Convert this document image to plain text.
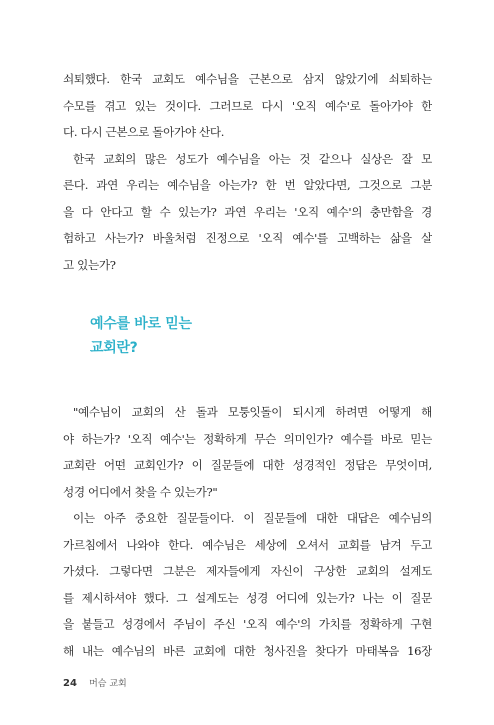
쇠퇴했다. 한국 교회도 예수님을 근본으로 삼지 않았기에 쇠퇴하는

수모를 겪고 있는 것이다. 그러므로 다시 '오직 예수'로 돌아가야 한

다. 다시 근본으로 돌아가야 산다.

한국 교회의 많은 성도가 예수님을 아는 것 같으나 실상은 잘 모

른다. 과연 우리는 예수님을 아는가? 한 번 알았다면, 그것으로 그분

을 다 안다고 할 수 있는가? 과연 우리는 '오직 예수'의 충만함을 경

험하고 사는가? 바울처럼 진정으로 '오직 예수'를 고백하는 삶을 살

고 있는가?

예수를 바로 믿는
교회란?

"예수님이 교회의 산 돌과 모퉁잇돌이 되시게 하려면 어떻게 해

야 하는가? '오직 예수'는 정확하게 무슨 의미인가? 예수를 바로 믿는

교회란 어떤 교회인가? 이 질문들에 대한 성경적인 정답은 무엇이며,

성경 어디에서 찾을 수 있는가?"

이는 아주 중요한 질문들이다. 이 질문들에 대한 대답은 예수님의

가르침에서 나와야 한다. 예수님은 세상에 오셔서 교회를 남겨 두고

가셨다. 그렇다면 그분은 제자들에게 자신이 구상한 교회의 설계도

를 제시하셔야 했다. 그 설계도는 성경 어디에 있는가? 나는 이 질문

을 붙들고 성경에서 주님이 주신 '오직 예수'의 가치를 정확하게 구현

해 내는 예수님의 바른 교회에 대한 청사진을 찾다가 마태복음 16장

24 머슴 교회
